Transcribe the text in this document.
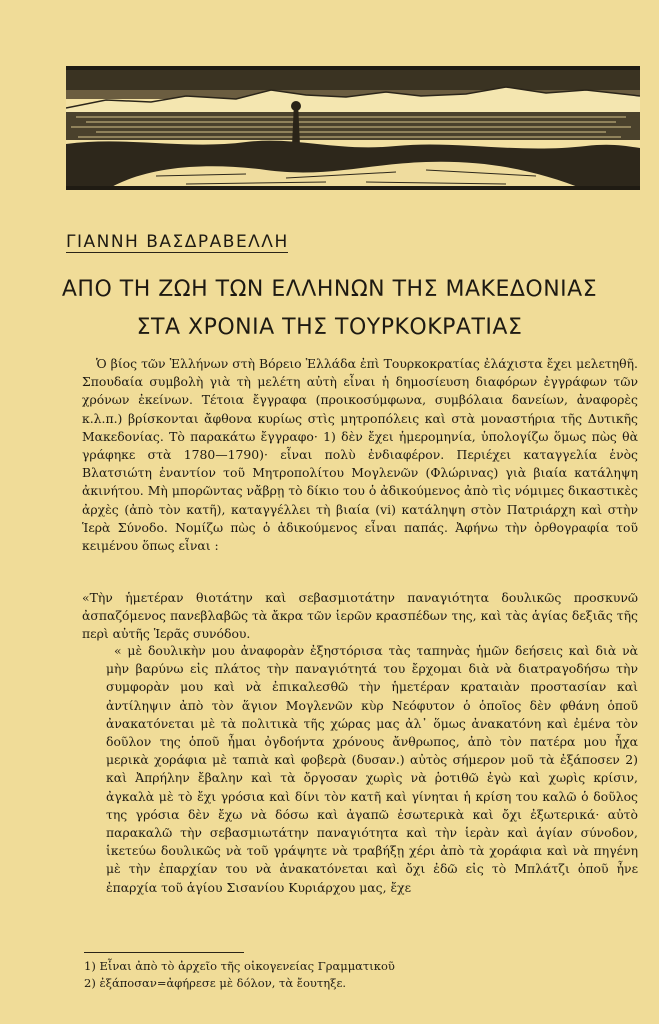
ΓΙΑΝΝΗ ΒΑΣΔΡΑΒΕΛΛΗ
ΑΠΟ ΤΗ ΖΩΗ ΤΩΝ ΕΛΛΗΝΩΝ ΤΗΣ ΜΑΚΕΔΟΝΙΑΣ
ΣΤΑ ΧΡΟΝΙΑ ΤΗΣ ΤΟΥΡΚΟΚΡΑΤΙΑΣ

Ὁ βίος τῶν Ἑλλήνων στὴ Βόρειο Ἑλλάδα ἐπὶ Τουρκοκρατίας ἐλάχιστα ἔχει μελετηθῆ. Σπουδαία συμβολὴ γιὰ τὴ μελέτη αὐτὴ εἶναι ἡ δημοσίευση διαφόρων ἐγγράφων τῶν χρόνων ἐκείνων. Τέτοια ἔγγραφα (προικοσύμφωνα, συμβόλαια δανείων, ἀναφορὲς κ.λ.π.) βρίσκονται ἄφθονα κυρίως στὶς μητροπόλεις καὶ στὰ μοναστήρια τῆς Δυτικῆς Μακεδονίας. Τὸ παρακάτω ἔγγραφο· 1) δὲν ἔχει ἡμερομηνία, ὑπολογίζω ὅμως πὼς θὰ γράφηκε στὰ 1780—1790)· εἶναι πολὺ ἐνδιαφέρον. Περιέχει καταγγελία ἑνὸς Βλατσιώτη ἐναντίον τοῦ Μητροπολίτου Μογλενῶν (Φλώρινας) γιὰ βιαία κατάληψη ἀκινήτου. Μὴ μπορῶντας νἄβρῃ τὸ δίκιο του ὁ ἀδικούμενος ἀπὸ τὶς νόμιμες δικαστικὲς ἀρχὲς (ἀπὸ τὸν κατῆ), καταγγέλλει τὴ βιαία (vi) κατάληψη στὸν Πατριάρχη καὶ στὴν Ἱερὰ Σύνοδο. Νομίζω πὼς ὁ ἀδικούμενος εἶναι παπάς. Ἀφήνω τὴν ὀρθογραφία τοῦ κειμένου ὅπως εἶναι :

«Τὴν ἡμετέραν θιοτάτην καὶ σεβασμιοτάτην παναγιότητα δουλικῶς προσκυνῶ ἀσπαζόμενος πανεβλαβῶς τὰ ἄκρα τῶν ἱερῶν κρασπέδων της, καὶ τὰς ἁγίας δεξιᾶς τῆς περὶ αὐτῆς Ἱερᾶς συνόδου.

« μὲ δουλικὴν μου ἀναφορὰν ἐξηστόρισα τὰς ταπηνὰς ἡμῶν δεήσεις καὶ διὰ νὰ μὴν βαρύνω εἰς πλάτος τὴν παναγιότητά του ἔρχομαι διὰ νὰ διατραγοδήσω τὴν συμφορὰν μου καὶ νὰ ἐπικαλεσθῶ τὴν ἡμετέραν κραταιὰν προστασίαν καὶ ἀντίληψιν ἀπὸ τὸν ἅγιον Μογλενῶν κὺρ Νεόφυτον ὁ ὁποῖος δὲν φθάνη ὁποῦ ἀνακατόνεται μὲ τὰ πολιτικὰ τῆς χώρας μας ἀλ᾽ ὅμως ἀνακατόνη καὶ ἐμένα τὸν δοῦλον της ὁποῦ ἦμαι ὀγδοήντα χρόνους ἄνθρωπος, ἀπὸ τὸν πατέρα μου ἦχα μερικὰ χοράφια μὲ ταπιὰ καὶ φοβερὰ (δυσαν.) αὐτὸς σήμερον μοῦ τὰ ἐξάποσεν 2) καὶ Ἀπρήλην ἔβαλην καὶ τὰ ὄργοσαν χωρὶς νὰ ῥοτιθῶ ἐγὼ καὶ χωρὶς κρίσιν, ἀγκαλὰ μὲ τὸ ἔχι γρόσια καὶ δίνι τὸν κατῆ καὶ γίνηται ἡ κρίση του καλῶ ὁ δοῦλος της γρόσια δὲν ἔχω νὰ δόσω καὶ ἀγαπῶ ἐσωτερικὰ καὶ ὄχι ἐξωτερικά· αὐτὸ παρακαλῶ τὴν σεβασμιωτάτην παναγιότητα καὶ τὴν ἱερὰν καὶ ἁγίαν σύνοδον, ἱκετεύω δουλικῶς νὰ τοῦ γράψητε νὰ τραβήξῃ χέρι ἀπὸ τὰ χοράφια καὶ νὰ πηγένη μὲ τὴν ἐπαρχίαν του νὰ ἀνακατόνεται καὶ ὄχι ἐδῶ εἰς τὸ Μπλάτζι ὁποῦ ἦνε ἐπαρχία τοῦ ἁγίου Σισανίου Κυριάρχου μας, ἔχε

1) Εἶναι ἀπὸ τὸ ἀρχεῖο τῆς οἰκογενείας Γραμματικοῦ
2) ἐξάποσαν=ἀφήρεσε μὲ δόλον, τὰ ἔουτηξε.
